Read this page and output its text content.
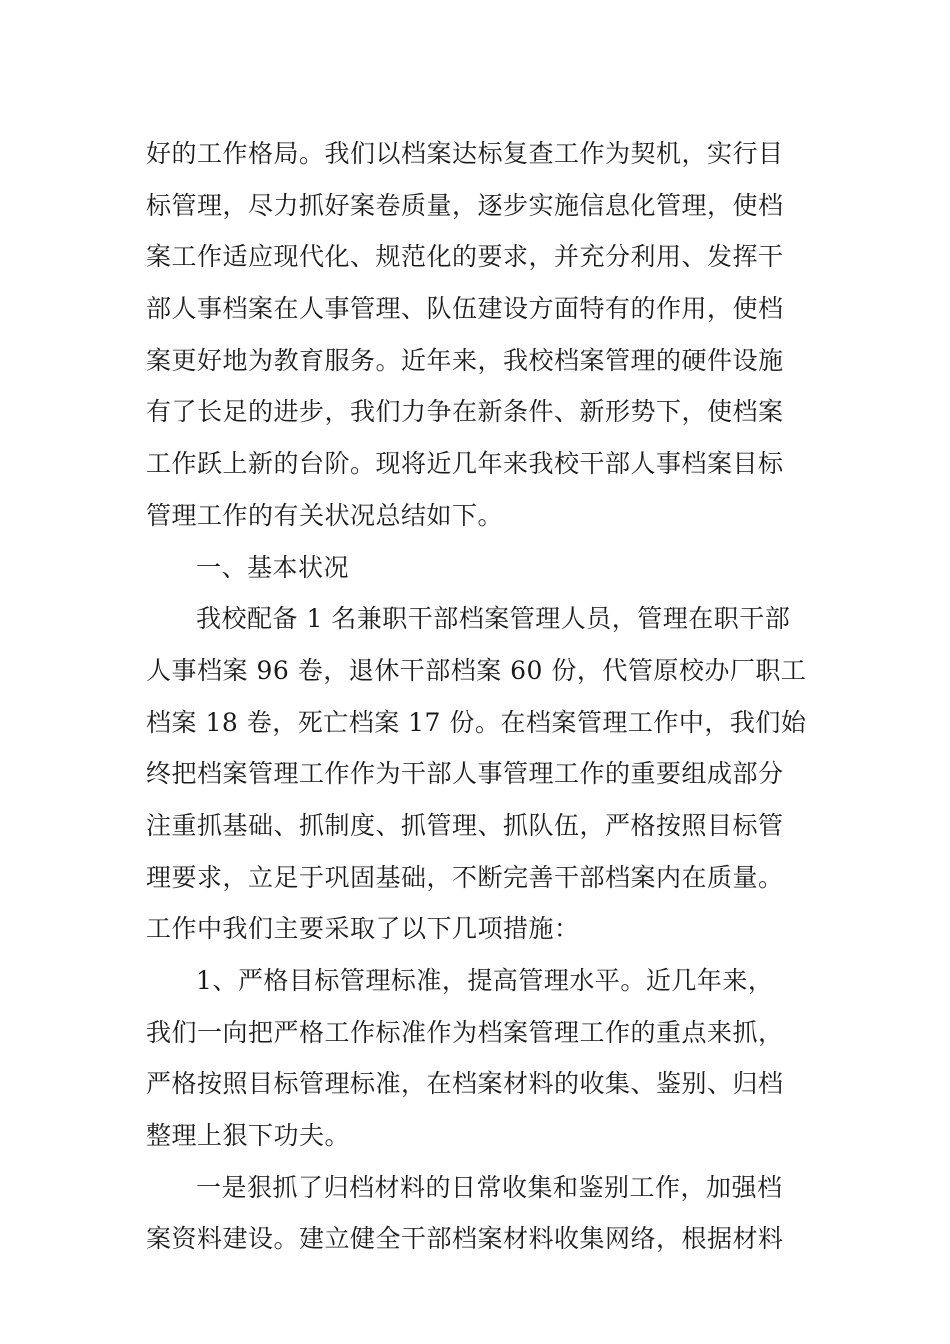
好的工作格局。我们以档案达标复查工作为契机，实行目
标管理，尽力抓好案卷质量，逐步实施信息化管理，使档
案工作适应现代化、规范化的要求，并充分利用、发挥干
部人事档案在人事管理、队伍建设方面特有的作用，使档
案更好地为教育服务。近年来，我校档案管理的硬件设施
有了长足的进步，我们力争在新条件、新形势下，使档案
工作跃上新的台阶。现将近几年来我校干部人事档案目标
管理工作的有关状况总结如下。
一、基本状况
我校配备 1 名兼职干部档案管理人员，管理在职干部
人事档案 96 卷，退休干部档案 60 份，代管原校办厂职工
档案 18 卷，死亡档案 17 份。在档案管理工作中，我们始
终把档案管理工作作为干部人事管理工作的重要组成部分
注重抓基础、抓制度、抓管理、抓队伍，严格按照目标管
理要求，立足于巩固基础，不断完善干部档案内在质量。
工作中我们主要采取了以下几项措施：
1、严格目标管理标准，提高管理水平。近几年来，
我们一向把严格工作标准作为档案管理工作的重点来抓，
严格按照目标管理标准，在档案材料的收集、鉴别、归档
整理上狠下功夫。
一是狠抓了归档材料的日常收集和鉴别工作，加强档
案资料建设。建立健全干部档案材料收集网络，根据材料
